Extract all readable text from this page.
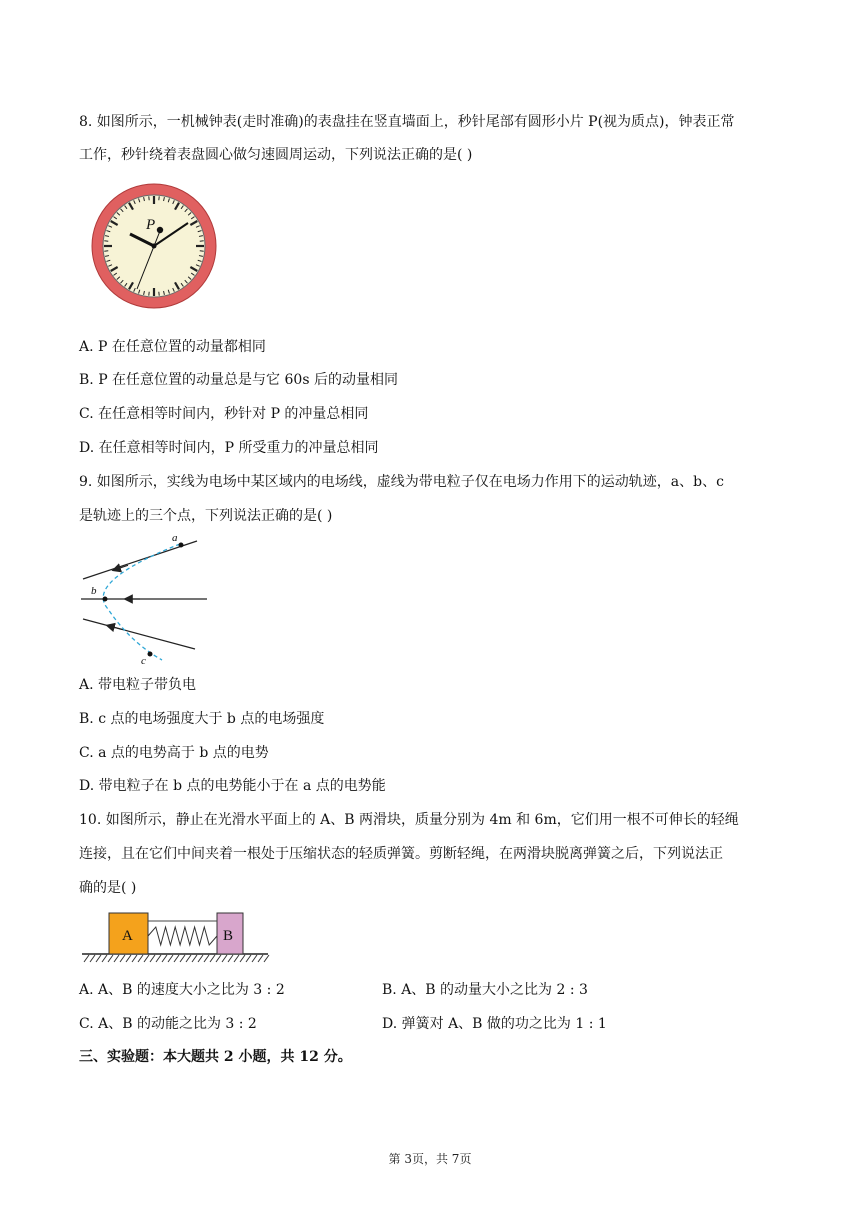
8. 如图所示，一机械钟表(走时准确)的表盘挂在竖直墙面上，秒针尾部有圆形小片 P(视为质点)，钟表正常
工作，秒针绕着表盘圆心做匀速圆周运动，下列说法正确的是( )
P
A. P 在任意位置的动量都相同
B. P 在任意位置的动量总是与它 60s 后的动量相同
C. 在任意相等时间内，秒针对 P 的冲量总相同
D. 在任意相等时间内，P 所受重力的冲量总相同
9. 如图所示，实线为电场中某区域内的电场线，虚线为带电粒子仅在电场力作用下的运动轨迹，a、b、c
是轨迹上的三个点，下列说法正确的是( )
a
b
c
A. 带电粒子带负电
B. c 点的电场强度大于 b 点的电场强度
C. a 点的电势高于 b 点的电势
D. 带电粒子在 b 点的电势能小于在 a 点的电势能
10. 如图所示，静止在光滑水平面上的 A、B 两滑块，质量分别为 4m 和 6m，它们用一根不可伸长的轻绳
连接，且在它们中间夹着一根处于压缩状态的轻质弹簧。剪断轻绳，在两滑块脱离弹簧之后，下列说法正
确的是( )
A	B
A. A、B 的速度大小之比为 3 : 2	B. A、B 的动量大小之比为 2 : 3
C. A、B 的动能之比为 3 : 2	D. 弹簧对 A、B 做的功之比为 1 : 1
三、实验题：本大题共 2 小题，共 12 分。
第 3页，共 7页
